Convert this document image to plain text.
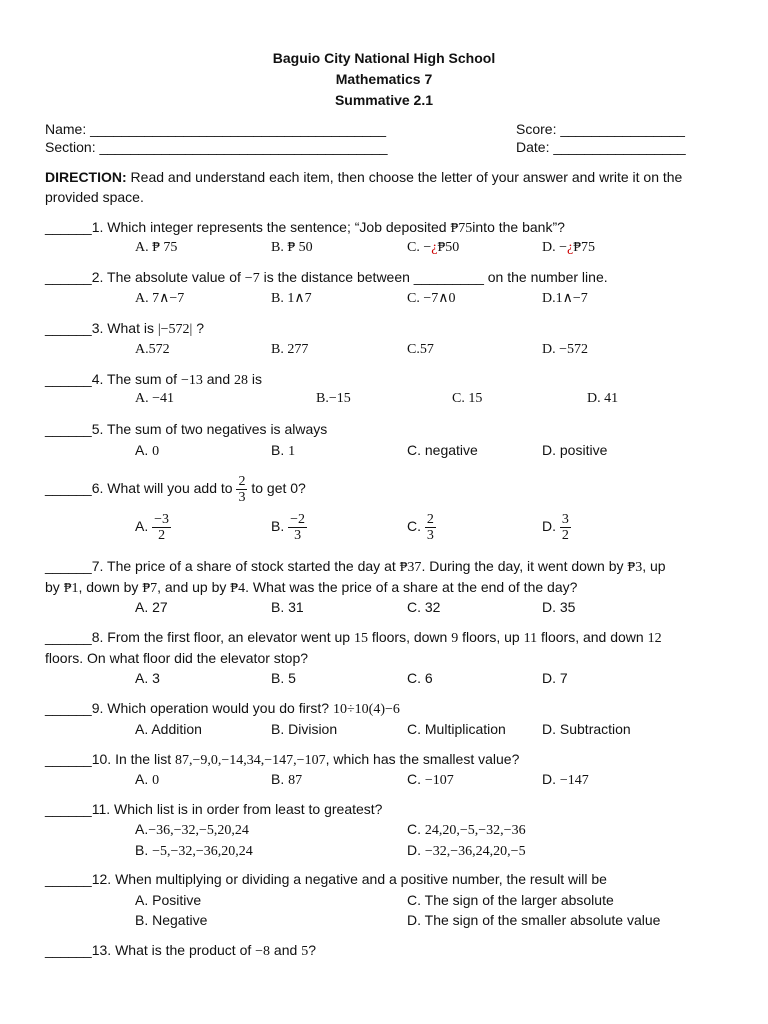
Baguio City National High School
Mathematics 7
Summative 2.1
Name: ______________________________________
Section: _____________________________________
Score: ________________
Date: _________________
DIRECTION: Read and understand each item, then choose the letter of your answer and write it on the provided space.
______1. Which integer represents the sentence; “Job deposited ₱75into the bank”?
A. ₱ 75	B. ₱ 50	C. −¿₱50	D. −¿₱75
______2. The absolute value of −7 is the distance between _________ on the number line.
A. 7∧−7	B. 1∧7	C. −7∧0	D.1∧−7
______3. What is |−572| ?
A.572	B. 277	C.57	D. −572
______4. The sum of −13 and 28 is
A. −41	B.−15	C. 15	D. 41
______5. The sum of two negatives is always
A. 0	B. 1	C. negative	D. positive
______6. What will you add to $\frac{2}{3}$ to get 0?
A. $\frac{-3}{2}$	B. $\frac{-2}{3}$	C. $\frac{2}{3}$	D. $\frac{3}{2}$
______7. The price of a share of stock started the day at ₱37. During the day, it went down by ₱3, up
by ₱1, down by ₱7, and up by ₱4. What was the price of a share at the end of the day?
A. 27	B. 31	C. 32	D. 35
______8. From the first floor, an elevator went up 15 floors, down 9 floors, up 11 floors, and down 12
floors. On what floor did the elevator stop?
A. 3	B. 5	C. 6	D. 7
______9. Which operation would you do first? 10÷10(4)−6
A. Addition	B. Division	C. Multiplication	D. Subtraction
______10. In the list 87,−9,0,−14,34,−147,−107, which has the smallest value?
A. 0	B. 87	C. −107	D. −147
______11. Which list is in order from least to greatest?
A.−36,−32,−5,20,24
B. −5,−32,−36,20,24
C. 24,20,−5,−32,−36
D. −32,−36,24,20,−5
______12. When multiplying or dividing a negative and a positive number, the result will be
A. Positive
B. Negative
C. The sign of the larger absolute
D. The sign of the smaller absolute value
______13. What is the product of −8 and 5?
